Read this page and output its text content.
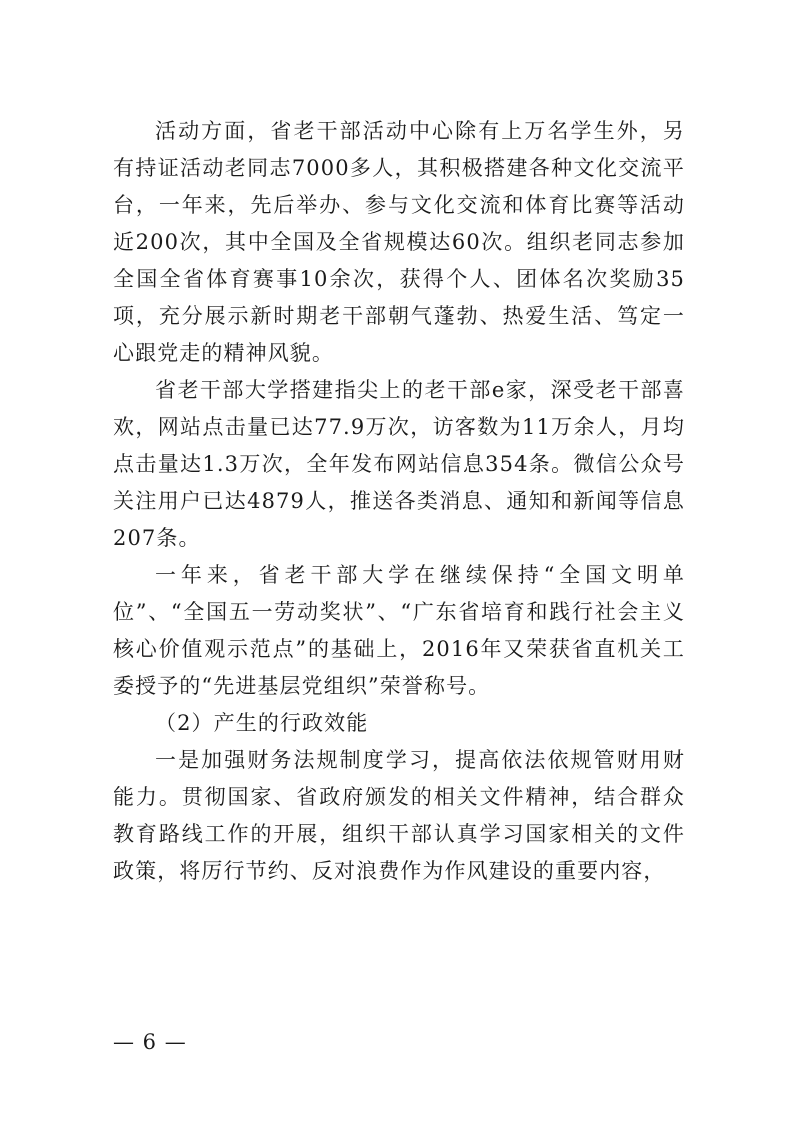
活动方面，省老干部活动中心除有上万名学生外，另有持证活动老同志7000多人，其积极搭建各种文化交流平台，一年来，先后举办、参与文化交流和体育比赛等活动近200次，其中全国及全省规模达60次。组织老同志参加全国全省体育赛事10余次，获得个人、团体名次奖励35项，充分展示新时期老干部朝气蓬勃、热爱生活、笃定一心跟党走的精神风貌。

省老干部大学搭建指尖上的老干部e家，深受老干部喜欢，网站点击量已达77.9万次，访客数为11万余人，月均点击量达1.3万次，全年发布网站信息354条。微信公众号关注用户已达4879人，推送各类消息、通知和新闻等信息207条。

一年来，省老干部大学在继续保持“全国文明单位”、“全国五一劳动奖状”、“广东省培育和践行社会主义核心价值观示范点”的基础上，2016年又荣获省直机关工委授予的“先进基层党组织”荣誉称号。

（2）产生的行政效能

一是加强财务法规制度学习，提高依法依规管财用财能力。贯彻国家、省政府颁发的相关文件精神，结合群众教育路线工作的开展，组织干部认真学习国家相关的文件政策，将厉行节约、反对浪费作为作风建设的重要内容，

— 6 —
